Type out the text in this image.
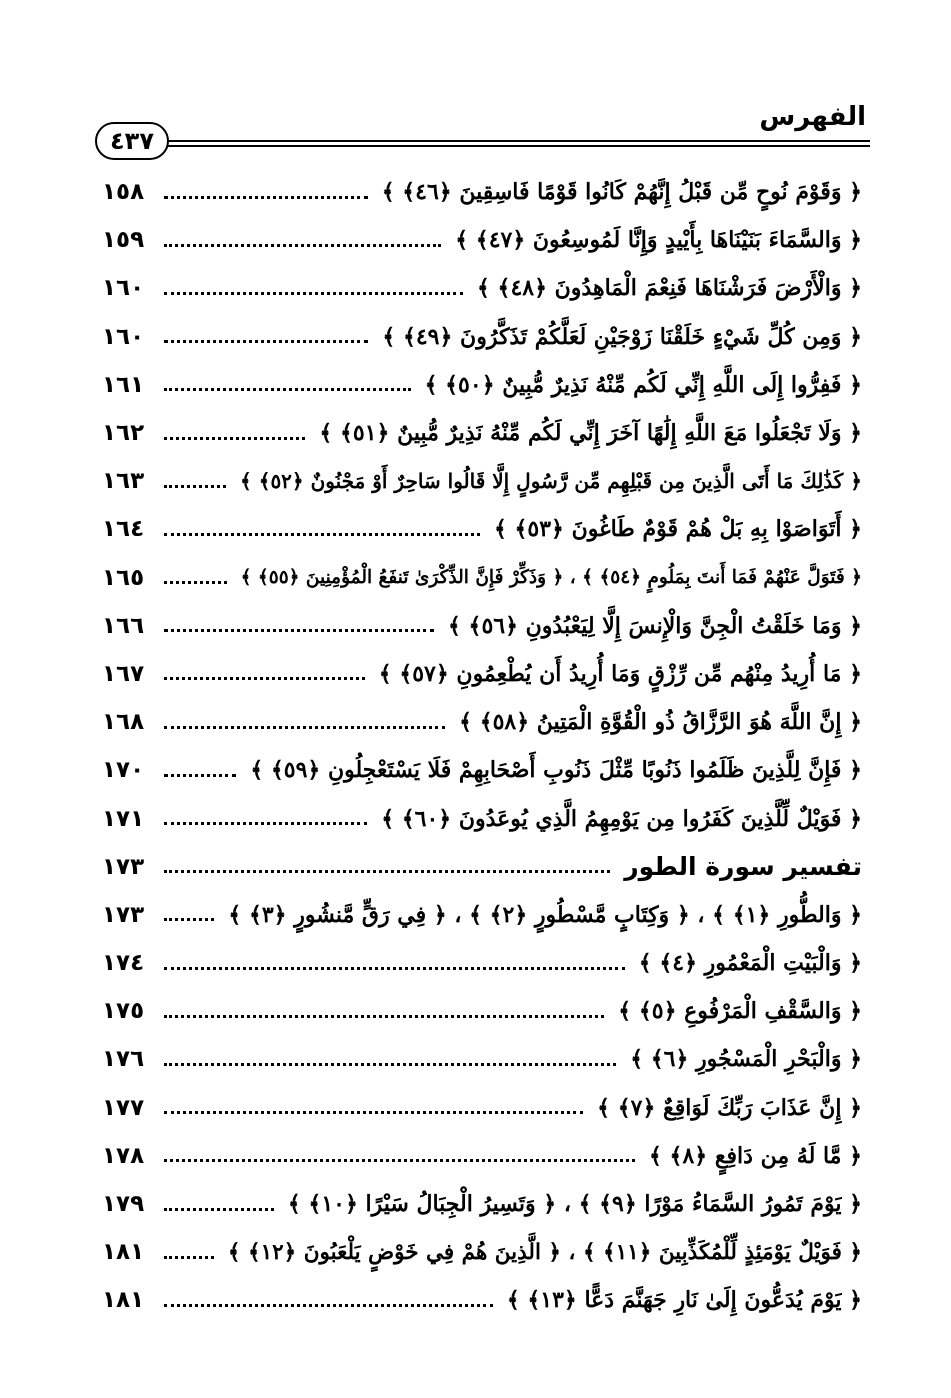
الفهرس
٤٣٧
﴿ وَقَوْمَ نُوحٍ مِّن قَبْلُ إِنَّهُمْ كَانُوا قَوْمًا فَاسِقِينَ ﴿٤٦﴾ ﴾
١٥٨
﴿ وَالسَّمَاءَ بَنَيْنَاهَا بِأَيْيدٍ وَإِنَّا لَمُوسِعُونَ ﴿٤٧﴾ ﴾
١٥٩
﴿ وَالْأَرْضَ فَرَشْنَاهَا فَنِعْمَ الْمَاهِدُونَ ﴿٤٨﴾ ﴾
١٦٠
﴿ وَمِن كُلِّ شَيْءٍ خَلَقْنَا زَوْجَيْنِ لَعَلَّكُمْ تَذَكَّرُونَ ﴿٤٩﴾ ﴾
١٦٠
﴿ فَفِرُّوا إِلَى اللَّهِ إِنِّي لَكُم مِّنْهُ نَذِيرٌ مُّبِينٌ ﴿٥٠﴾ ﴾
١٦١
﴿ وَلَا تَجْعَلُوا مَعَ اللَّهِ إِلَٰهًا آخَرَ إِنِّي لَكُم مِّنْهُ نَذِيرٌ مُّبِينٌ ﴿٥١﴾ ﴾
١٦٢
﴿ كَذَٰلِكَ مَا أَتَى الَّذِينَ مِن قَبْلِهِم مِّن رَّسُولٍ إِلَّا قَالُوا سَاحِرٌ أَوْ مَجْنُونٌ ﴿٥٢﴾ ﴾
١٦٣
﴿ أَتَوَاصَوْا بِهِ بَلْ هُمْ قَوْمٌ طَاغُونَ ﴿٥٣﴾ ﴾
١٦٤
﴿ فَتَوَلَّ عَنْهُمْ فَمَا أَنتَ بِمَلُومٍ ﴿٥٤﴾ ﴾ ، ﴿ وَذَكِّرْ فَإِنَّ الذِّكْرَىٰ تَنفَعُ الْمُؤْمِنِينَ ﴿٥٥﴾ ﴾
١٦٥
﴿ وَمَا خَلَقْتُ الْجِنَّ وَالْإِنسَ إِلَّا لِيَعْبُدُونِ ﴿٥٦﴾ ﴾
١٦٦
﴿ مَا أُرِيدُ مِنْهُم مِّن رِّزْقٍ وَمَا أُرِيدُ أَن يُطْعِمُونِ ﴿٥٧﴾ ﴾
١٦٧
﴿ إِنَّ اللَّهَ هُوَ الرَّزَّاقُ ذُو الْقُوَّةِ الْمَتِينُ ﴿٥٨﴾ ﴾
١٦٨
﴿ فَإِنَّ لِلَّذِينَ ظَلَمُوا ذَنُوبًا مِّثْلَ ذَنُوبِ أَصْحَابِهِمْ فَلَا يَسْتَعْجِلُونِ ﴿٥٩﴾ ﴾
١٧٠
﴿ فَوَيْلٌ لِّلَّذِينَ كَفَرُوا مِن يَوْمِهِمُ الَّذِي يُوعَدُونَ ﴿٦٠﴾ ﴾
١٧١
تفسير سورة الطور
١٧٣
﴿ وَالطُّورِ ﴿١﴾ ﴾ ، ﴿ وَكِتَابٍ مَّسْطُورٍ ﴿٢﴾ ﴾ ، ﴿ فِي رَقٍّ مَّنشُورٍ ﴿٣﴾ ﴾
١٧٣
﴿ وَالْبَيْتِ الْمَعْمُورِ ﴿٤﴾ ﴾
١٧٤
﴿ وَالسَّقْفِ الْمَرْفُوعِ ﴿٥﴾ ﴾
١٧٥
﴿ وَالْبَحْرِ الْمَسْجُورِ ﴿٦﴾ ﴾
١٧٦
﴿ إِنَّ عَذَابَ رَبِّكَ لَوَاقِعٌ ﴿٧﴾ ﴾
١٧٧
﴿ مَّا لَهُ مِن دَافِعٍ ﴿٨﴾ ﴾
١٧٨
﴿ يَوْمَ تَمُورُ السَّمَاءُ مَوْرًا ﴿٩﴾ ﴾ ، ﴿ وَتَسِيرُ الْجِبَالُ سَيْرًا ﴿١٠﴾ ﴾
١٧٩
﴿ فَوَيْلٌ يَوْمَئِذٍ لِّلْمُكَذِّبِينَ ﴿١١﴾ ﴾ ، ﴿ الَّذِينَ هُمْ فِي خَوْضٍ يَلْعَبُونَ ﴿١٢﴾ ﴾
١٨١
﴿ يَوْمَ يُدَعُّونَ إِلَىٰ نَارِ جَهَنَّمَ دَعًّا ﴿١٣﴾ ﴾
١٨١
